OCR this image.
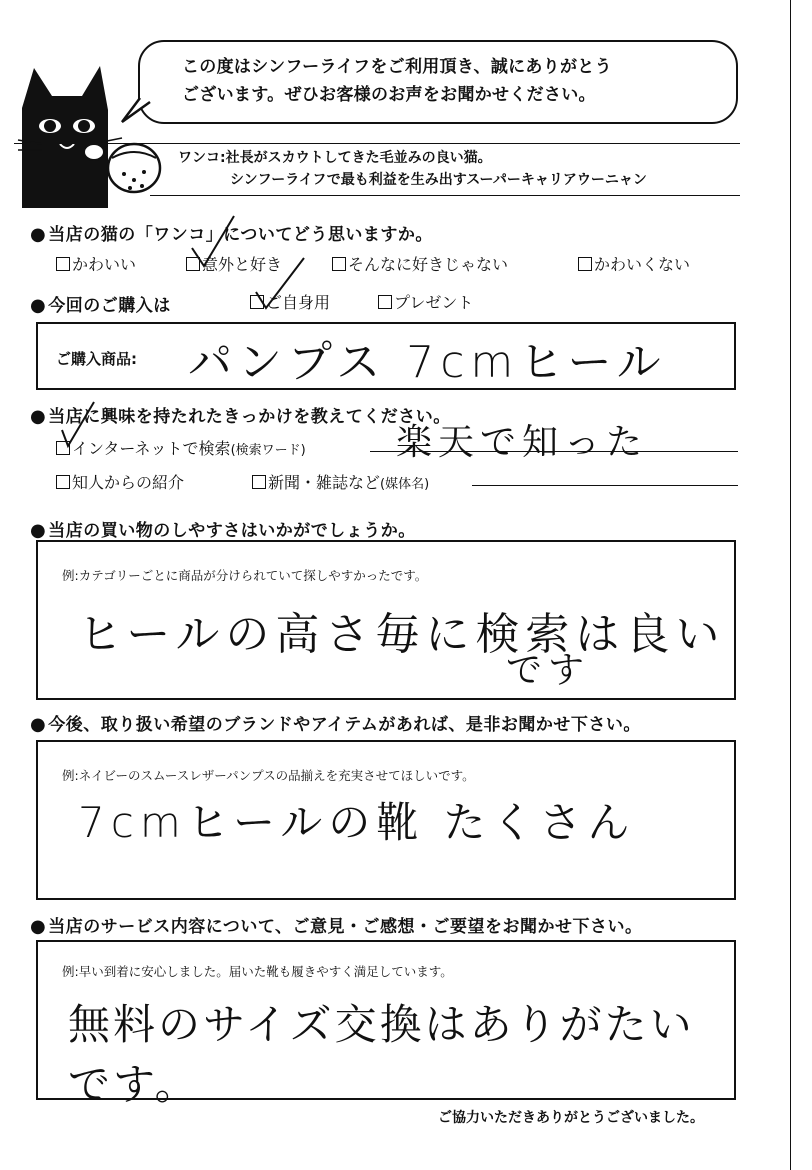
この度はシンフーライフをご利用頂き、誠にありがとう
ございます。ぜひお客様のお声をお聞かせください。
ワンコ:社長がスカウトしてきた毛並みの良い猫。
シンフーライフで最も利益を生み出すスーパーキャリアウーニャン
● 当店の猫の「ワンコ」についてどう思いますか。
かわいい	意外と好き	そんなに好きじゃない	かわいくない
● 今回のご購入は	ご自身用	プレゼント
ご購入商品: パンプス 7cmヒール
● 当店に興味を持たれたきっかけを教えてください。
インターネットで検索(検索ワード)	楽天で知った
知人からの紹介	新聞・雑誌など(媒体名)
● 当店の買い物のしやすさはいかがでしょうか。
例:カテゴリーごとに商品が分けられていて探しやすかったです。
ヒールの高さ毎に検索は良い
です
● 今後、取り扱い希望のブランドやアイテムがあれば、是非お聞かせ下さい。
例:ネイビーのスムースレザーパンプスの品揃えを充実させてほしいです。
7cmヒールの靴 たくさん
● 当店のサービス内容について、ご意見・ご感想・ご要望をお聞かせ下さい。
例:早い到着に安心しました。届いた靴も履きやすく満足しています。
無料のサイズ交換はありがたいです。
ご協力いただきありがとうございました。
